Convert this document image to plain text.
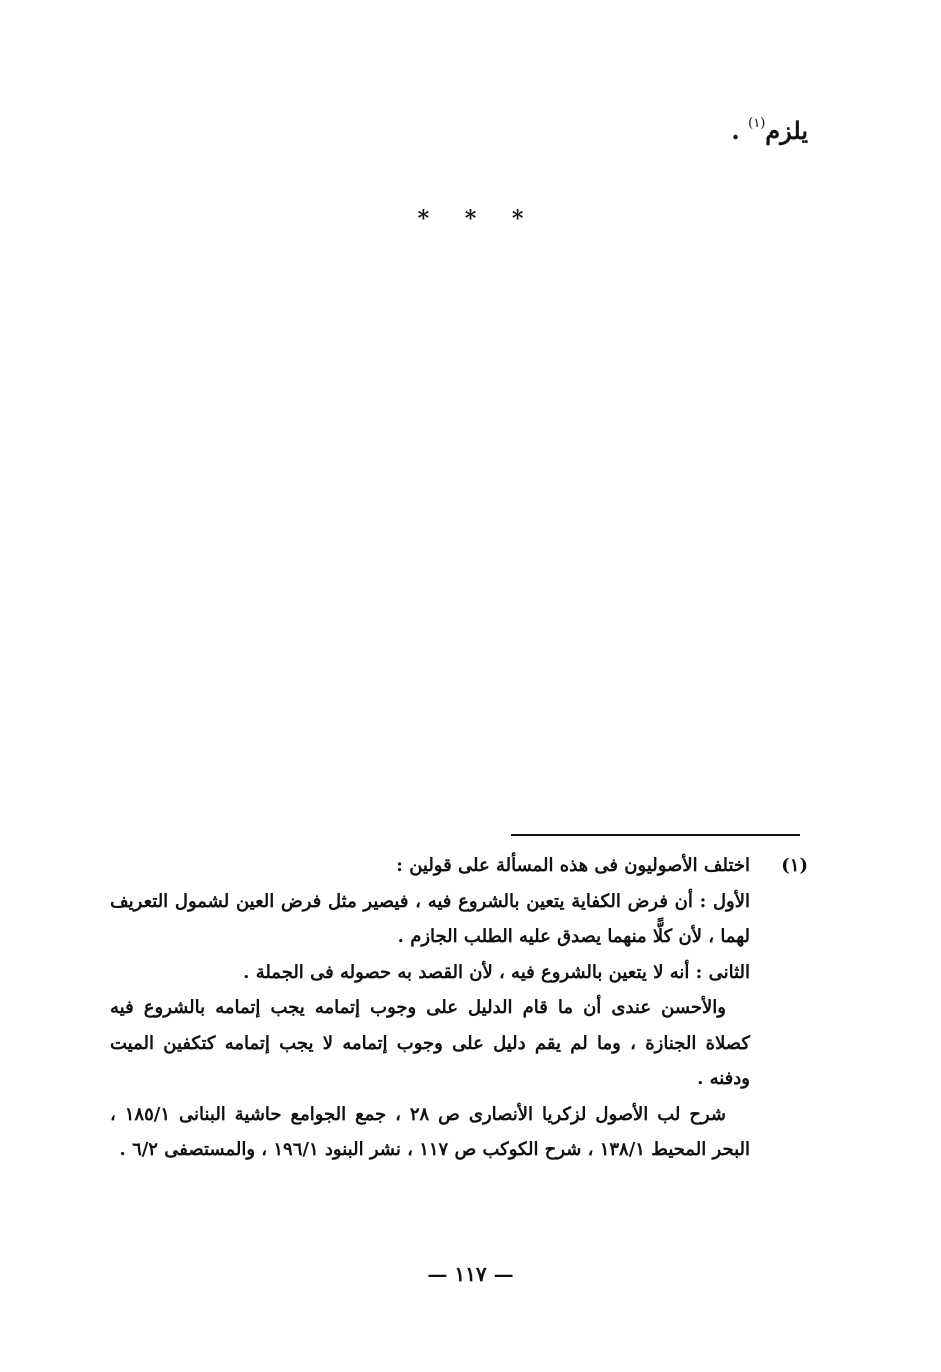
يلزم$^{(١)}$ .
* * *
(١)
اختلف الأصوليون فى هذه المسألة على قولين :

الأول : أن فرض الكفاية يتعين بالشروع فيه ، فيصير مثل فرض العين لشمول التعريف لهما ، لأن كلًّا منهما يصدق عليه الطلب الجازم .

الثانى : أنه لا يتعين بالشروع فيه ، لأن القصد به حصوله فى الجملة .

والأحسن عندى أن ما قام الدليل على وجوب إتمامه يجب إتمامه بالشروع فيه كصلاة الجنازة ، وما لم يقم دليل على وجوب إتمامه لا يجب إتمامه كتكفين الميت ودفنه .

شرح لب الأصول لزكريا الأنصارى ص ٢٨ ، جمع الجوامع حاشية البنانى ١٨٥/١ ، البحر المحيط ١٣٨/١ ، شرح الكوكب ص ١١٧ ، نشر البنود ١٩٦/١ ، والمستصفى ٦/٢ .

— ١١٧ —
